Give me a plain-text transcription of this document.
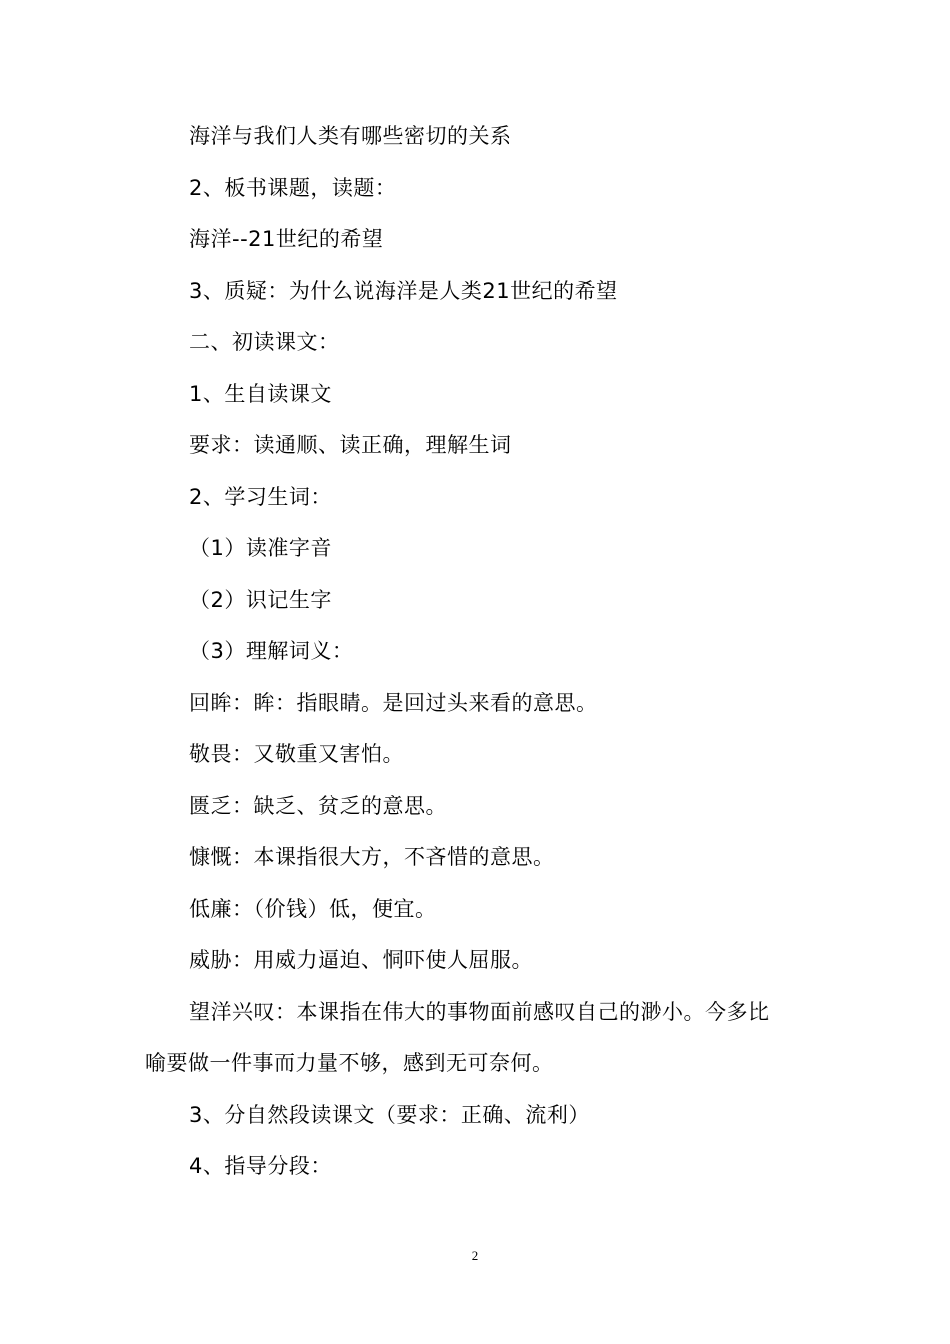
海洋与我们人类有哪些密切的关系
2、板书课题，读题：
海洋--21世纪的希望
3、质疑：为什么说海洋是人类21世纪的希望
二、初读课文：
1、生自读课文
要求：读通顺、读正确，理解生词
2、学习生词：
（1）读准字音
（2）识记生字
（3）理解词义：
回眸：眸：指眼睛。是回过头来看的意思。
敬畏：又敬重又害怕。
匮乏：缺乏、贫乏的意思。
慷慨：本课指很大方，不吝惜的意思。
低廉：（价钱）低，便宜。
威胁：用威力逼迫、恫吓使人屈服。
望洋兴叹：本课指在伟大的事物面前感叹自己的渺小。今多比
喻要做一件事而力量不够，感到无可奈何。
3、分自然段读课文（要求：正确、流利）
4、指导分段：
2
